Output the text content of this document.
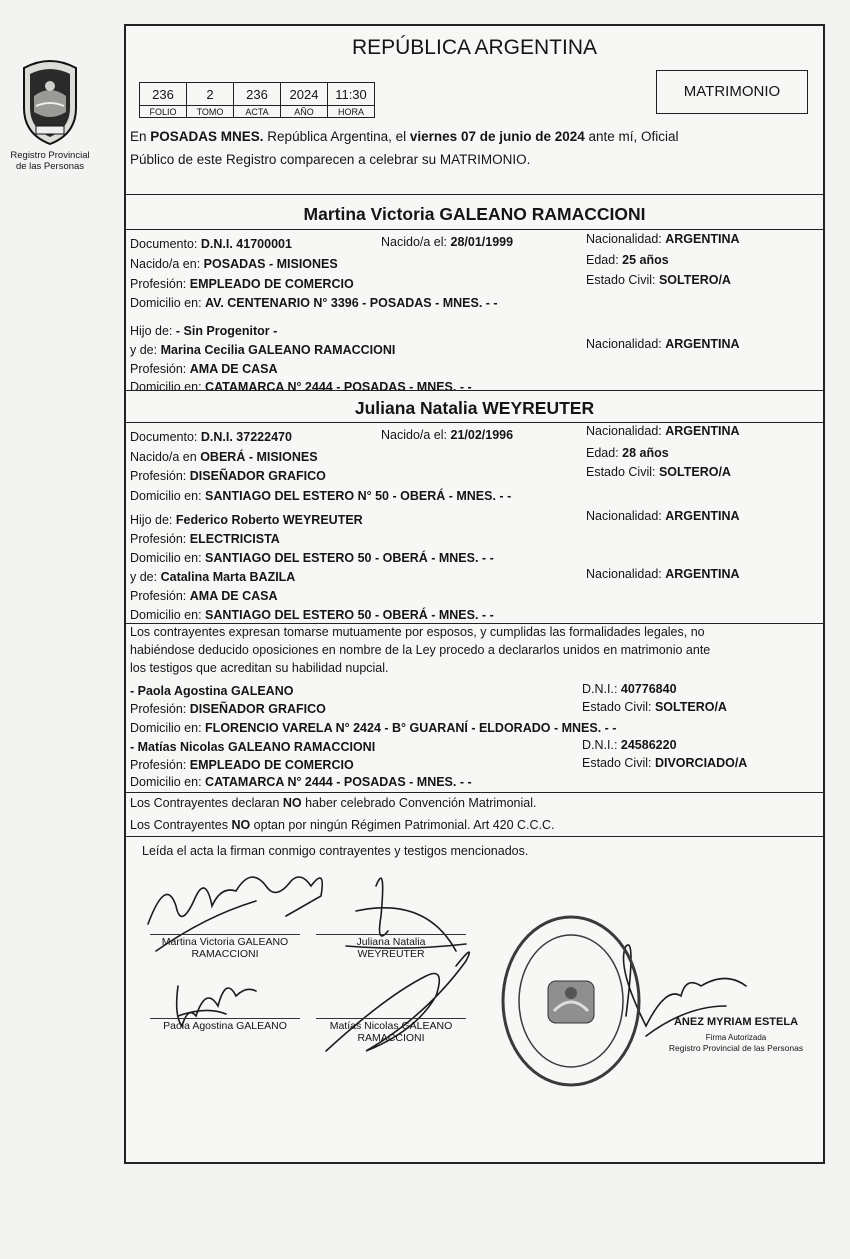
Registro Provincial
de las Personas
REPÚBLICA ARGENTINA
236	2	236	2024	11:30
FOLIO	TOMO	ACTA	AÑO	HORA
MATRIMONIO
En POSADAS MNES. República Argentina, el viernes 07 de junio de 2024 ante mí, Oficial
Público de este Registro comparecen a celebrar su MATRIMONIO.
Martina Victoria GALEANO RAMACCIONI
Documento: D.N.I. 41700001	Nacido/a el: 28/01/1999	Nacionalidad: ARGENTINA
Nacido/a en: POSADAS - MISIONES	Edad: 25 años
Profesión: EMPLEADO DE COMERCIO	Estado Civil: SOLTERO/A
Domicilio en: AV. CENTENARIO N° 3396 - POSADAS - MNES. - -
Hijo de: - Sin Progenitor -
y de: Marina Cecilia GALEANO RAMACCIONI	Nacionalidad: ARGENTINA
Profesión: AMA DE CASA
Domicilio en: CATAMARCA N° 2444 - POSADAS - MNES. - -
Juliana Natalia WEYREUTER
Documento: D.N.I. 37222470	Nacido/a el: 21/02/1996	Nacionalidad: ARGENTINA
Nacido/a en OBERÁ - MISIONES	Edad: 28 años
Profesión: DISEÑADOR GRAFICO	Estado Civil: SOLTERO/A
Domicilio en: SANTIAGO DEL ESTERO N° 50 - OBERÁ - MNES. - -
Hijo de: Federico Roberto WEYREUTER	Nacionalidad: ARGENTINA
Profesión: ELECTRICISTA
Domicilio en: SANTIAGO DEL ESTERO 50 - OBERÁ - MNES. - -
y de: Catalina Marta BAZILA	Nacionalidad: ARGENTINA
Profesión: AMA DE CASA
Domicilio en: SANTIAGO DEL ESTERO 50 - OBERÁ - MNES. - -
Los contrayentes expresan tomarse mutuamente por esposos, y cumplidas las formalidades legales, no
habiéndose deducido oposiciones en nombre de la Ley procedo a declararlos unidos en matrimonio ante
los testigos que acreditan su habilidad nupcial.
- Paola Agostina GALEANO	D.N.I.: 40776840
Profesión: DISEÑADOR GRAFICO	Estado Civil: SOLTERO/A
Domicilio en: FLORENCIO VARELA N° 2424 - B° GUARANÍ - ELDORADO - MNES. - -
- Matías Nicolas GALEANO RAMACCIONI	D.N.I.: 24586220
Profesión: EMPLEADO DE COMERCIO	Estado Civil: DIVORCIADO/A
Domicilio en: CATAMARCA N° 2444 - POSADAS - MNES. - -
Los Contrayentes declaran NO haber celebrado Convención Matrimonial.
Los Contrayentes NO optan por ningún Régimen Patrimonial. Art 420 C.C.C.
Leída el acta la firman conmigo contrayentes y testigos mencionados.
Martina Victoria GALEANO
RAMACCIONI
Juliana Natalia
WEYREUTER
Paola Agostina GALEANO	Matías Nicolas GALEANO
RAMACCIONI
ANEZ MYRIAM ESTELA
Firma Autorizada
Registro Provincial de las Personas
